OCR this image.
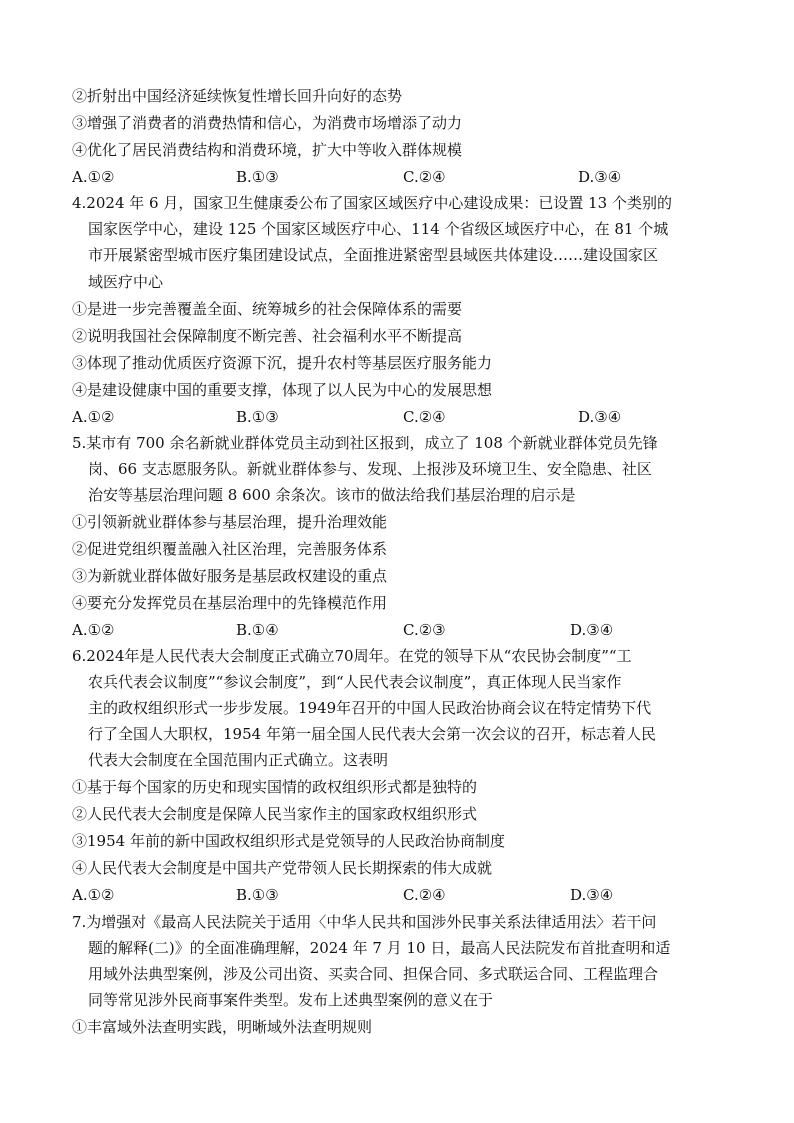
②折射出中国经济延续恢复性增长回升向好的态势
③增强了消费者的消费热情和信心，为消费市场增添了动力
④优化了居民消费结构和消费环境，扩大中等收入群体规模
A.①②	B.①③	C.②④	D.③④
4.2024 年 6 月，国家卫生健康委公布了国家区域医疗中心建设成果：已设置 13 个类别的
国家医学中心，建设 125 个国家区域医疗中心、114 个省级区域医疗中心，在 81 个城
市开展紧密型城市医疗集团建设试点，全面推进紧密型县域医共体建设……建设国家区
域医疗中心
①是进一步完善覆盖全面、统筹城乡的社会保障体系的需要
②说明我国社会保障制度不断完善、社会福利水平不断提高
③体现了推动优质医疗资源下沉，提升农村等基层医疗服务能力
④是建设健康中国的重要支撑，体现了以人民为中心的发展思想
A.①②	B.①③	C.②④	D.③④
5.某市有 700 余名新就业群体党员主动到社区报到，成立了 108 个新就业群体党员先锋
岗、66 支志愿服务队。新就业群体参与、发现、上报涉及环境卫生、安全隐患、社区
治安等基层治理问题 8 600 余条次。该市的做法给我们基层治理的启示是
①引领新就业群体参与基层治理，提升治理效能
②促进党组织覆盖融入社区治理，完善服务体系
③为新就业群体做好服务是基层政权建设的重点
④要充分发挥党员在基层治理中的先锋模范作用
A.①②	B.①④	C.②③	D.③④
6.2024年是人民代表大会制度正式确立70周年。在党的领导下从“农民协会制度”“工
农兵代表会议制度”“参议会制度”，到“人民代表会议制度”，真正体现人民当家作
主的政权组织形式一步步发展。1949年召开的中国人民政治协商会议在特定情势下代
行了全国人大职权，1954 年第一届全国人民代表大会第一次会议的召开，标志着人民
代表大会制度在全国范围内正式确立。这表明
①基于每个国家的历史和现实国情的政权组织形式都是独特的
②人民代表大会制度是保障人民当家作主的国家政权组织形式
③1954 年前的新中国政权组织形式是党领导的人民政治协商制度
④人民代表大会制度是中国共产党带领人民长期探索的伟大成就
A.①②	B.①③	C.②④	D.③④
7.为增强对《最高人民法院关于适用〈中华人民共和国涉外民事关系法律适用法〉若干问
题的解释(二)》的全面准确理解，2024 年 7 月 10 日，最高人民法院发布首批查明和适
用域外法典型案例，涉及公司出资、买卖合同、担保合同、多式联运合同、工程监理合
同等常见涉外民商事案件类型。发布上述典型案例的意义在于
①丰富域外法查明实践，明晰域外法查明规则
